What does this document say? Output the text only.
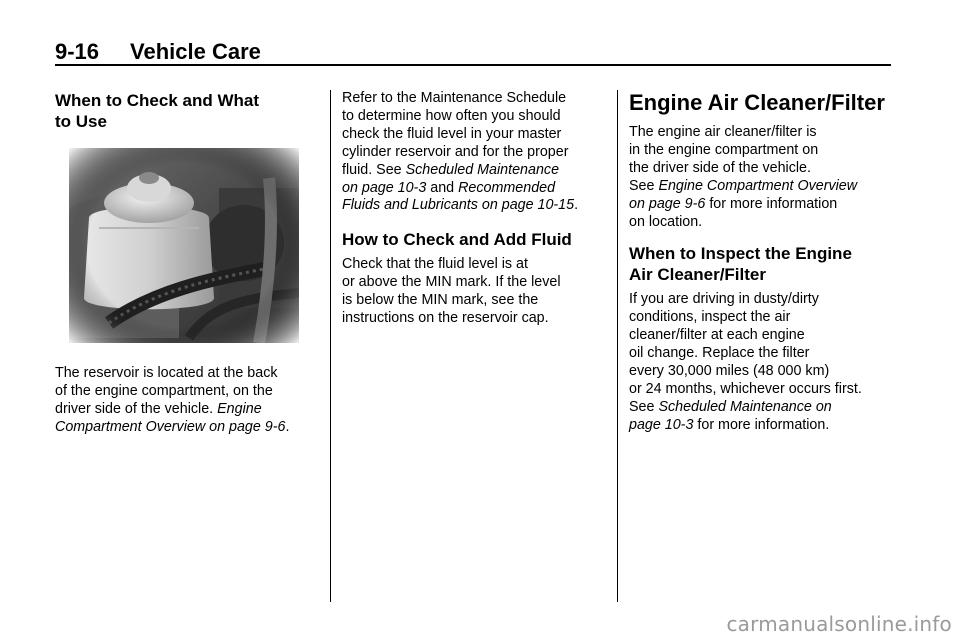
9-16 Vehicle Care
When to Check and What
to Use

The reservoir is located at the back

of the engine compartment, on the

driver side of the vehicle. Engine

Compartment Overview on page 9-6.

Refer to the Maintenance Schedule

to determine how often you should

check the fluid level in your master

cylinder reservoir and for the proper

fluid. See Scheduled Maintenance

on page 10-3 and Recommended

Fluids and Lubricants on page 10-15.

How to Check and Add Fluid

Check that the fluid level is at

or above the MIN mark. If the level

is below the MIN mark, see the

instructions on the reservoir cap.

Engine Air Cleaner/Filter

The engine air cleaner/filter is

in the engine compartment on

the driver side of the vehicle.

See Engine Compartment Overview

on page 9-6 for more information

on location.

When to Inspect the Engine
Air Cleaner/Filter

If you are driving in dusty/dirty

conditions, inspect the air

cleaner/filter at each engine

oil change. Replace the filter

every 30,000 miles (48 000 km)

or 24 months, whichever occurs first.

See Scheduled Maintenance on

page 10-3 for more information.

carmanualsonline.info
